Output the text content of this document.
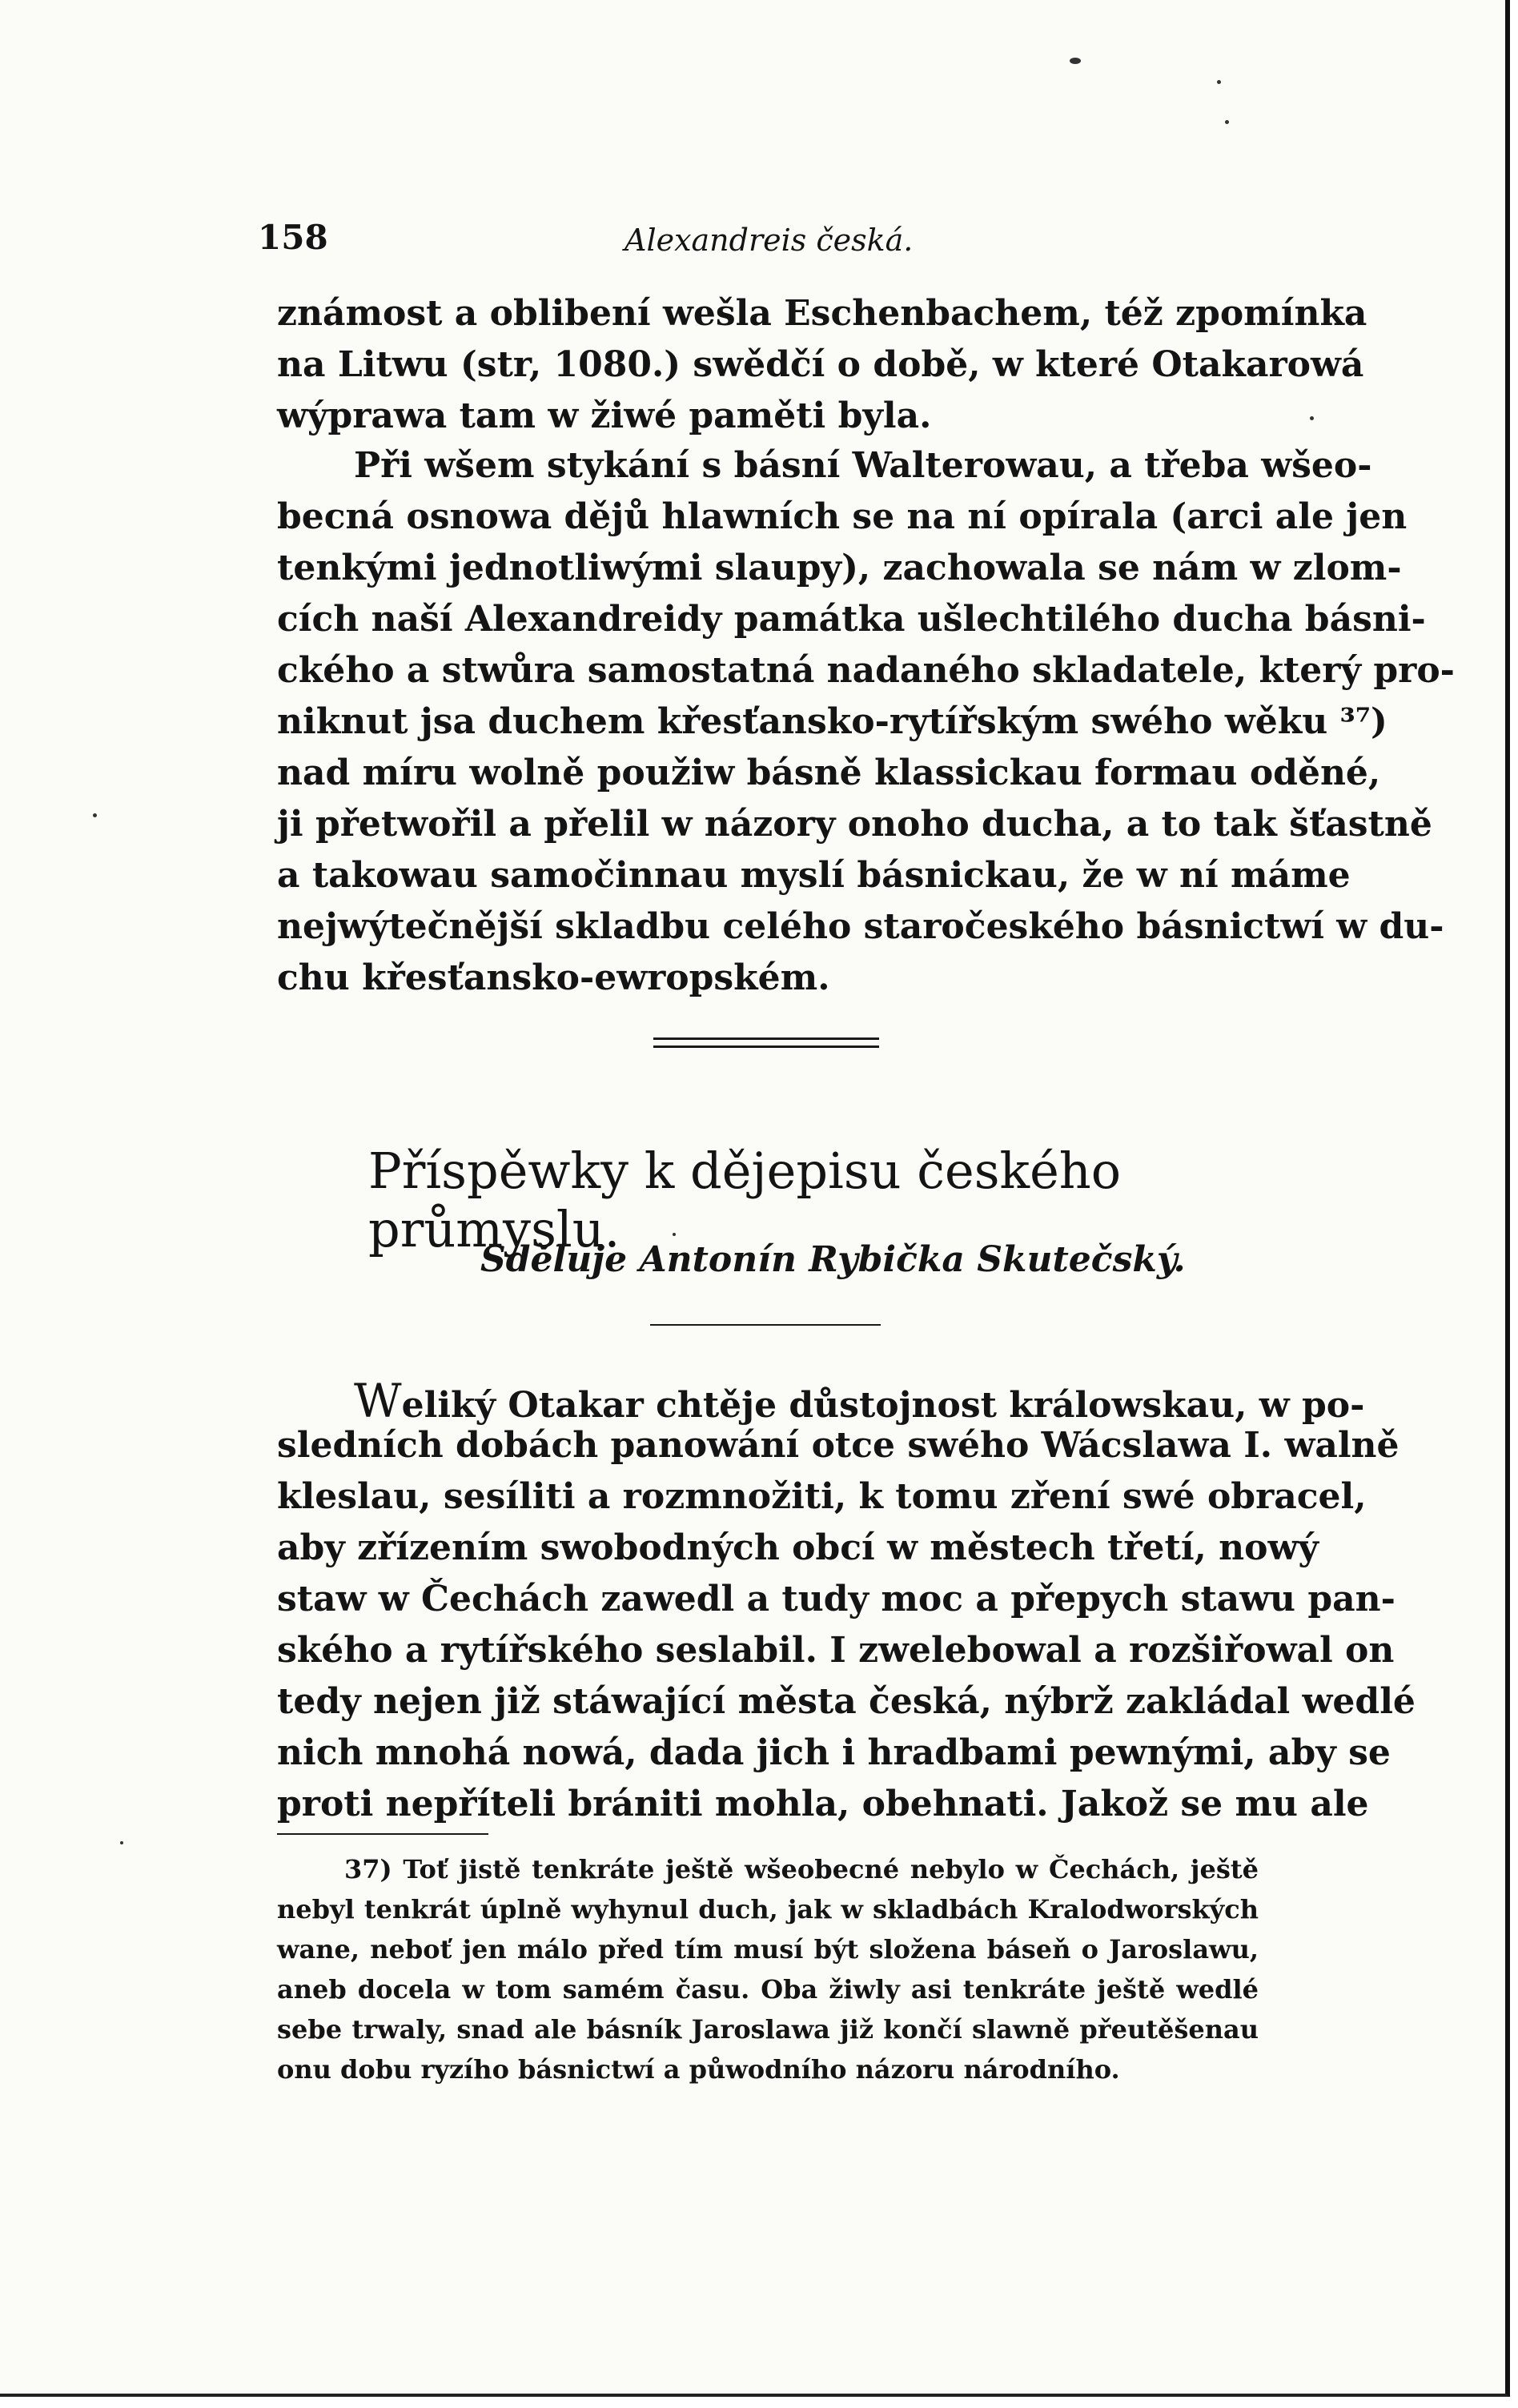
158	Alexandreis česká.
známost a oblibení wešla Eschenbachem, též zpomínka
na Litwu (str, 1080.) swědčí o době, w které Otakarowá
wýprawa tam w žiwé paměti byla.
Při wšem stykání s básní Walterowau, a třeba wšeo-
becná osnowa dějů hlawních se na ní opírala (arci ale jen
tenkými jednotliwými slaupy), zachowala se nám w zlom-
cích naší Alexandreidy památka ušlechtilého ducha básni-
ckého a stwůra samostatná nadaného skladatele, který pro-
niknut jsa duchem křesťansko-rytířským swého wěku ³⁷)
nad míru wolně použiw básně klassickau formau oděné,
ji přetwořil a přelil w názory onoho ducha, a to tak šťastně
a takowau samočinnau myslí básnickau, že w ní máme
nejwýtečnější skladbu celého staročeského básnictwí w du-
chu křesťansko-ewropském.
Příspěwky k dějepisu českého průmyslu.
Sděluje Antonín Rybička Skutečský.
Weliký Otakar chtěje důstojnost králowskau, w po-
sledních dobách panowání otce swého Wácslawa I. walně
kleslau, sesíliti a rozmnožiti, k tomu zření swé obracel,
aby zřízením swobodných obcí w městech třetí, nowý
staw w Čechách zawedl a tudy moc a přepych stawu pan-
ského a rytířského seslabil. I zwelebowal a rozšiřowal on
tedy nejen již stáwající města česká, nýbrž zakládal wedlé
nich mnohá nowá, dada jich i hradbami pewnými, aby se
proti nepříteli brániti mohla, obehnati. Jakož se mu ale
37) Toť jistě tenkráte ještě wšeobecné nebylo w Čechách, ještě
nebyl tenkrát úplně wyhynul duch, jak w skladbách Kralodworských
wane, neboť jen málo před tím musí být složena báseň o Jaroslawu,
aneb docela w tom samém času. Oba žiwly asi tenkráte ještě wedlé
sebe trwaly, snad ale básník Jaroslawa již končí slawně přeutěšenau
onu dobu ryzího básnictwí a půwodního názoru národního.
